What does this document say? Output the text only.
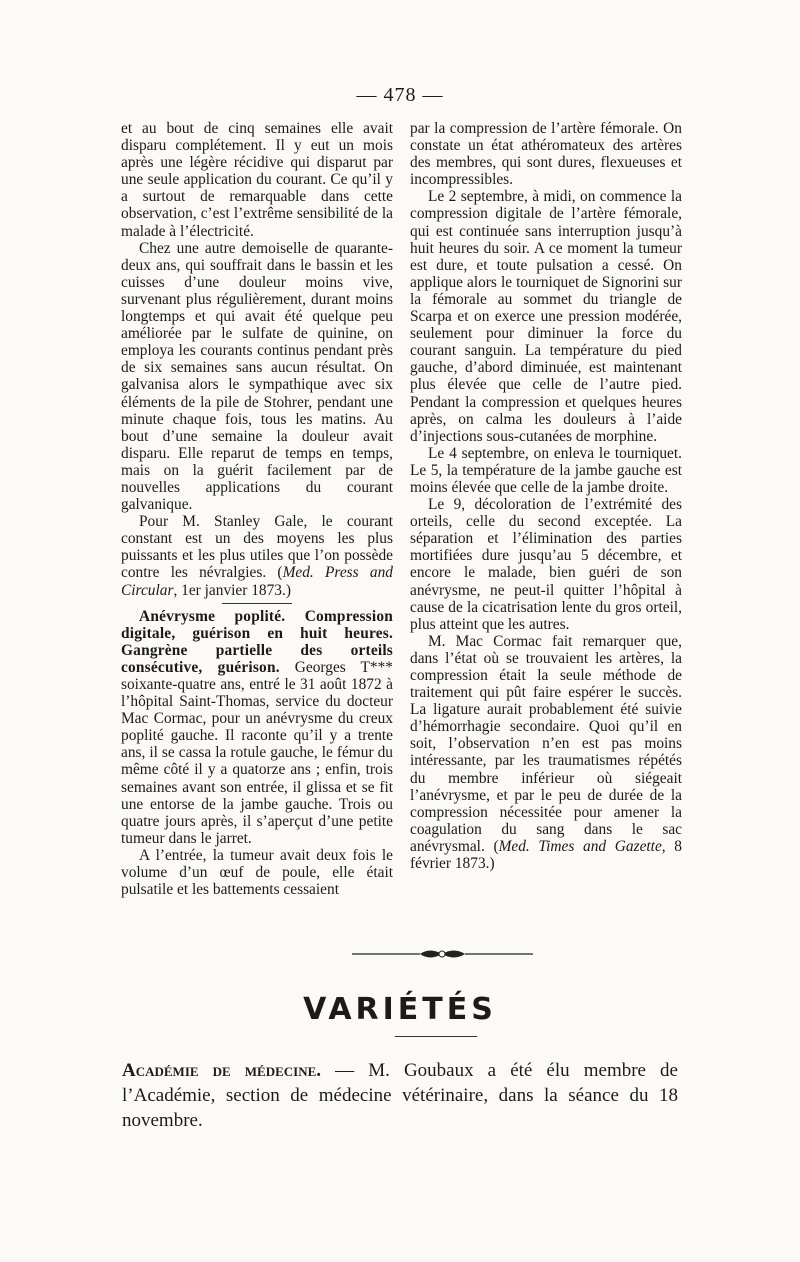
— 478 —

et au bout de cinq semaines elle avait disparu complétement. Il y eut un mois après une légère récidive qui disparut par une seule application du courant. Ce qu’il y a surtout de remarquable dans cette observation, c’est l’extrême sensibilité de la malade à l’électricité.

Chez une autre demoiselle de quarante-deux ans, qui souffrait dans le bassin et les cuisses d’une douleur moins vive, survenant plus régulièrement, durant moins longtemps et qui avait été quelque peu améliorée par le sulfate de quinine, on employa les courants continus pendant près de six semaines sans aucun résultat. On galvanisa alors le sympathique avec six éléments de la pile de Stohrer, pendant une minute chaque fois, tous les matins. Au bout d’une semaine la douleur avait disparu. Elle reparut de temps en temps, mais on la guérit facilement par de nouvelles applications du courant galvanique.

Pour M. Stanley Gale, le courant constant est un des moyens les plus puissants et les plus utiles que l’on possède contre les névralgies. (Med. Press and Circular, 1er janvier 1873.)

Anévrysme poplité. Compression digitale, guérison en huit heures. Gangrène partielle des orteils consécutive, guérison. Georges T*** soixante-quatre ans, entré le 31 août 1872 à l’hôpital Saint-Thomas, service du docteur Mac Cormac, pour un anévrysme du creux poplité gauche. Il raconte qu’il y a trente ans, il se cassa la rotule gauche, le fémur du même côté il y a quatorze ans ; enfin, trois semaines avant son entrée, il glissa et se fit une entorse de la jambe gauche. Trois ou quatre jours après, il s’aperçut d’une petite tumeur dans le jarret.

A l’entrée, la tumeur avait deux fois le volume d’un œuf de poule, elle était pulsatile et les battements cessaient

par la compression de l’artère fémorale. On constate un état athéromateux des artères des membres, qui sont dures, flexueuses et incompressibles.

Le 2 septembre, à midi, on commence la compression digitale de l’artère fémorale, qui est continuée sans interruption jusqu’à huit heures du soir. A ce moment la tumeur est dure, et toute pulsation a cessé. On applique alors le tourniquet de Signorini sur la fémorale au sommet du triangle de Scarpa et on exerce une pression modérée, seulement pour diminuer la force du courant sanguin. La température du pied gauche, d’abord diminuée, est maintenant plus élevée que celle de l’autre pied. Pendant la compression et quelques heures après, on calma les douleurs à l’aide d’injections sous-cutanées de morphine.

Le 4 septembre, on enleva le tourniquet. Le 5, la température de la jambe gauche est moins élevée que celle de la jambe droite.

Le 9, décoloration de l’extrémité des orteils, celle du second exceptée. La séparation et l’élimination des parties mortifiées dure jusqu’au 5 décembre, et encore le malade, bien guéri de son anévrysme, ne peut-il quitter l’hôpital à cause de la cicatrisation lente du gros orteil, plus atteint que les autres.

M. Mac Cormac fait remarquer que, dans l’état où se trouvaient les artères, la compression était la seule méthode de traitement qui pût faire espérer le succès. La ligature aurait probablement été suivie d’hémorrhagie secondaire. Quoi qu’il en soit, l’observation n’en est pas moins intéressante, par les traumatismes répétés du membre inférieur où siégeait l’anévrysme, et par le peu de durée de la compression nécessitée pour amener la coagulation du sang dans le sac anévrysmal. (Med. Times and Gazette, 8 février 1873.)

VARIÉTÉS
Académie de médecine. — M. Goubaux a été élu membre de l’Académie, section de médecine vétérinaire, dans la séance du 18 novembre.
